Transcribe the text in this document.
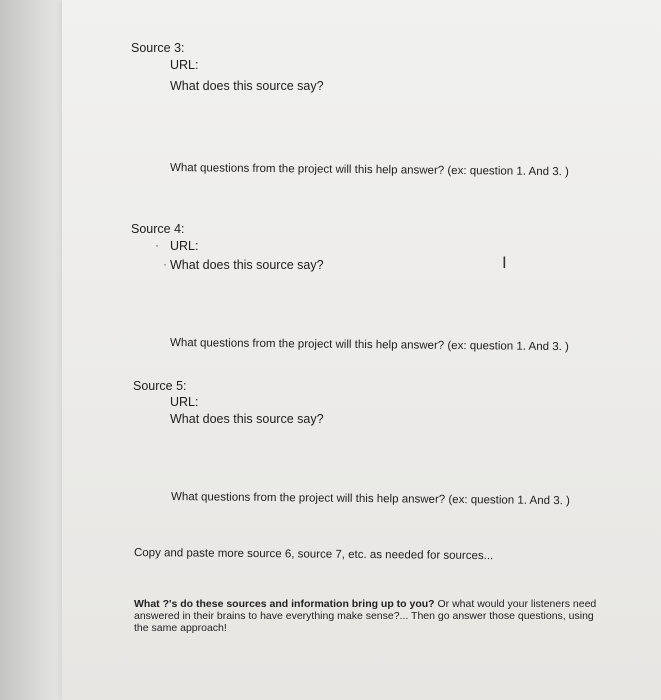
Source 3:
URL:
What does this source say?
What questions from the project will this help answer? (ex: question 1. And 3. )
Source 4:
· URL:
· What does this source say?	I
What questions from the project will this help answer? (ex: question 1. And 3. )
Source 5:
URL:
What does this source say?
What questions from the project will this help answer? (ex: question 1. And 3. )
Copy and paste more source 6, source 7, etc. as needed for sources...
What ?'s do these sources and information bring up to you? Or what would your listeners need answered in their brains to have everything make sense?... Then go answer those questions, using the same approach!
